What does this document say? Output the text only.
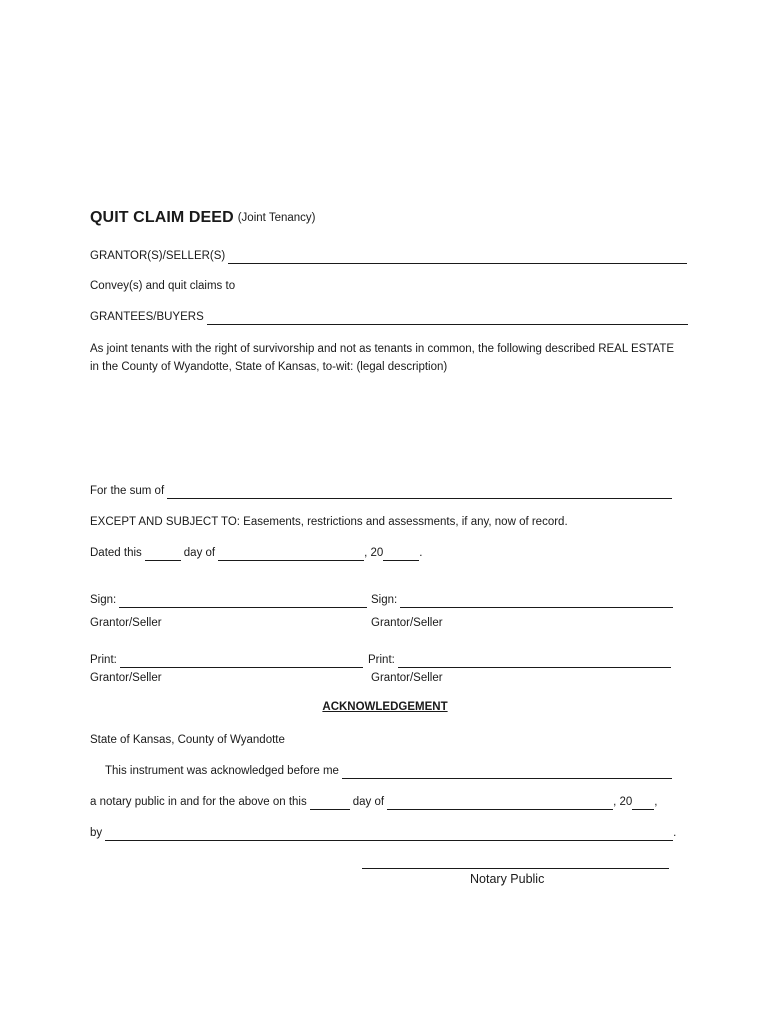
QUIT CLAIM DEED (Joint Tenancy)
GRANTOR(S)/SELLER(S)
Convey(s) and quit claims to
GRANTEES/BUYERS
As joint tenants with the right of survivorship and not as tenants in common, the following described REAL ESTATE in the County of Wyandotte, State of Kansas, to-wit: (legal description)
For the sum of
EXCEPT AND SUBJECT TO: Easements, restrictions and assessments, if any, now of record.
Dated this	day of	, 20	.
Sign:	Sign:
Grantor/Seller	Grantor/Seller
Print:	Print:
Grantor/Seller	Grantor/Seller
ACKNOWLEDGEMENT
State of Kansas, County of Wyandotte
This instrument was acknowledged before me
a notary public in and for the above on this	day of	, 20 ,
by	.
Notary Public
